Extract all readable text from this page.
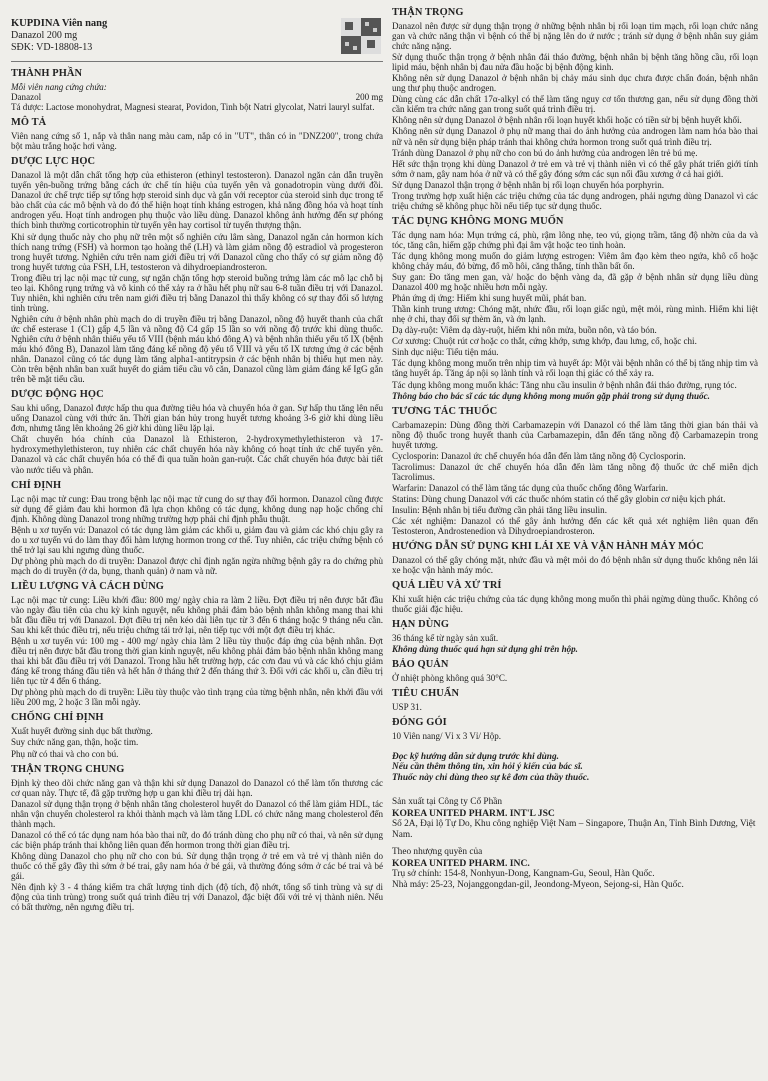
KUPDINA Viên nang
Danazol 200 mg
SĐK: VD-18808-13
THÀNH PHẦN

Mỗi viên nang cứng chứa:

Danazol	200 mg

Tá dược: Lactose monohydrat, Magnesi stearat, Povidon, Tinh bột Natri glycolat, Natri lauryl sulfat.

MÔ TẢ

Viên nang cứng số 1, nắp và thân nang màu cam, nắp có in "UT", thân có in "DNZ200", trong chứa bột màu trắng hoặc hơi vàng.

DƯỢC LỰC HỌC

Danazol là một dẫn chất tổng hợp của ethisteron (ethinyl testosteron). Danazol ngăn cản dẫn truyền tuyến yên-buồng trứng bằng cách ức chế tín hiệu của tuyến yên và gonadotropin vùng dưới đồi. Danazol ức chế trực tiếp sự tổng hợp steroid sinh dục và gắn với receptor của steroid sinh dục trong tế bào chất của các mô bệnh và do đó thể hiện hoạt tính kháng estrogen, khả năng đồng hóa và hoạt tính androgen yếu. Hoạt tính androgen phụ thuộc vào liều dùng. Danazol không ảnh hưởng đến sự phóng thích bình thường corticotrophin từ tuyến yên hay cortisol từ tuyến thượng thận.

Khi sử dụng thuốc này cho phụ nữ trên một số nghiên cứu lâm sàng, Danazol ngăn cản hormon kích thích nang trứng (FSH) và hormon tạo hoàng thể (LH) và làm giảm nồng độ estradiol và progesteron trong huyết tương. Nghiên cứu trên nam giới điều trị với Danazol cũng cho thấy có sự giảm nồng độ trong huyết tương của FSH, LH, testosteron và dihydroepiandrosteron.

Trong điều trị lạc nội mạc tử cung, sự ngăn chặn tổng hợp steroid buồng trứng làm các mô lạc chỗ bị teo lại. Không rụng trứng và vô kinh có thể xảy ra ở hầu hết phụ nữ sau 6-8 tuần điều trị với Danazol. Tuy nhiên, khi nghiên cứu trên nam giới điều trị bằng Danazol thì thấy không có sự thay đổi số lượng tinh trùng.

Nghiên cứu ở bệnh nhân phù mạch do di truyền điều trị bằng Danazol, nồng độ huyết thanh của chất ức chế esterase 1 (C1) gấp 4,5 lần và nồng độ C4 gấp 15 lần so với nồng độ trước khi dùng thuốc. Nghiên cứu ở bệnh nhân thiếu yếu tố VIII (bệnh máu khó đông A) và bệnh nhân thiếu yếu tố IX (bệnh máu khó đông B), Danazol làm tăng đáng kể nồng độ yếu tố VIII và yếu tố IX tương ứng ở các bệnh nhân. Danazol cũng có tác dụng làm tăng alpha1-antitrypsin ở các bệnh nhân bị thiếu hụt men này. Còn trên bệnh nhân ban xuất huyết do giảm tiểu cầu vô căn, Danazol cũng làm giảm đáng kể IgG gắn trên bề mặt tiểu cầu.

DƯỢC ĐỘNG HỌC

Sau khi uống, Danazol được hấp thu qua đường tiêu hóa và chuyển hóa ở gan. Sự hấp thu tăng lên nếu uống Danazol cùng với thức ăn. Thời gian bán hủy trong huyết tương khoảng 3-6 giờ khi dùng liều đơn, nhưng tăng lên khoảng 26 giờ khi dùng liều lặp lại.

Chất chuyển hóa chính của Danazol là Ethisteron, 2-hydroxymethylethisteron và 17-hydroxymethylethisteron, tuy nhiên các chất chuyển hóa này không có hoạt tính ức chế tuyến yên. Danazol và các chất chuyển hóa có thể đi qua tuần hoàn gan-ruột. Các chất chuyển hóa được bài tiết vào nước tiểu và phân.

CHỈ ĐỊNH

Lạc nội mạc tử cung: Đau trong bệnh lạc nội mạc tử cung do sự thay đổi hormon. Danazol cũng được sử dụng để giảm đau khi hormon đã lựa chọn không có tác dụng, không dung nạp hoặc chống chỉ định. Không dùng Danazol trong những trường hợp phải chỉ định phẫu thuật.

Bệnh u xơ tuyến vú: Danazol có tác dụng làm giảm các khối u, giảm đau và giảm các khó chịu gây ra do u xơ tuyến vú do làm thay đổi hàm lượng hormon trong cơ thể. Tuy nhiên, các triệu chứng bệnh có thể trở lại sau khi ngưng dùng thuốc.

Dự phòng phù mạch do di truyền: Danazol được chỉ định ngăn ngừa những bệnh gây ra do chứng phù mạch do di truyền (ở da, bụng, thanh quản) ở nam và nữ.

LIỀU LƯỢNG VÀ CÁCH DÙNG

Lạc nội mạc tử cung: Liều khởi đầu: 800 mg/ ngày chia ra làm 2 liều. Đợt điều trị nên được bắt đầu vào ngày đầu tiên của chu kỳ kinh nguyệt, nếu không phải đảm bảo bệnh nhân không mang thai khi bắt đầu điều trị với Danazol. Đợt điều trị nên kéo dài liên tục từ 3 đến 6 tháng hoặc 9 tháng nếu cần. Sau khi kết thúc điều trị, nếu triệu chứng tái trở lại, nên tiếp tục với một đợt điều trị khác.

Bệnh u xơ tuyến vú: 100 mg - 400 mg/ ngày chia làm 2 liều tùy thuộc đáp ứng của bệnh nhân. Đợt điều trị nên được bắt đầu trong thời gian kinh nguyệt, nếu không phải đảm bảo bệnh nhân không mang thai khi bắt đầu điều trị với Danazol. Trong hầu hết trường hợp, các cơn đau vú và các khó chịu giảm đáng kể trong tháng đầu tiên và hết hẳn ở tháng thứ 2 đến tháng thứ 3. Đối với các khối u, cần điều trị liên tục từ 4 đến 6 tháng.

Dự phòng phù mạch do di truyền: Liều tùy thuộc vào tình trạng của từng bệnh nhân, nên khởi đầu với liều 200 mg, 2 hoặc 3 lần mỗi ngày.

CHỐNG CHỈ ĐỊNH

Xuất huyết đường sinh dục bất thường.

Suy chức năng gan, thận, hoặc tim.

Phụ nữ có thai và cho con bú.

THẬN TRỌNG CHUNG

Định kỳ theo dõi chức năng gan và thận khi sử dụng Danazol do Danazol có thể làm tổn thương các cơ quan này. Thực tế, đã gặp trường hợp u gan khi điều trị dài hạn.

Danazol sử dụng thận trọng ở bệnh nhân tăng cholesterol huyết do Danazol có thể làm giảm HDL, tác nhân vận chuyển cholesterol ra khỏi thành mạch và làm tăng LDL có chức năng mang cholesterol đến thành mạch.

Danazol có thể có tác dụng nam hóa bào thai nữ, do đó tránh dùng cho phụ nữ có thai, và nên sử dụng các biện pháp tránh thai không liên quan đến hormon trong thời gian điều trị.

Không dùng Danazol cho phụ nữ cho con bú. Sử dụng thận trọng ở trẻ em và trẻ vị thành niên do thuốc có thể gây đầy thì sớm ở bé trai, gây nam hóa ở bé gái, và thường đóng sớm ở các bé trai và bé gái.

Nên định kỳ 3 - 4 tháng kiểm tra chất lượng tinh dịch (độ tích, độ nhớt, tổng số tinh trùng và sự di động của tinh trùng) trong suốt quá trình điều trị với Danazol, đặc biệt đối với trẻ vị thành niên. Nếu có bất thường, nên ngưng điều trị.

THẬN TRỌNG

Danazol nên được sử dụng thận trọng ở những bệnh nhân bị rối loạn tim mạch, rối loạn chức năng gan và chức năng thận vì bệnh có thể bị nặng lên do ứ nước ; tránh sử dụng ở bệnh nhân suy giảm chức năng nặng.

Sử dụng thuốc thận trọng ở bệnh nhân đái tháo đường, bệnh nhân bị bệnh tăng hồng cầu, rối loạn lipid máu, bệnh nhân bị đau nửa đầu hoặc bị bệnh động kinh.

Không nên sử dụng Danazol ở bệnh nhân bị chảy máu sinh dục chưa được chẩn đoán, bệnh nhân ung thư phụ thuộc androgen.

Dùng cùng các dẫn chất 17α-alkyl có thể làm tăng nguy cơ tổn thương gan, nếu sử dụng đồng thời cần kiểm tra chức năng gan trong suốt quá trình điều trị.

Không nên sử dụng Danazol ở bệnh nhân rối loạn huyết khối hoặc có tiền sử bị bệnh huyết khối.

Không nên sử dụng Danazol ở phụ nữ mang thai do ảnh hưởng của androgen làm nam hóa bào thai nữ và nên sử dụng biện pháp tránh thai không chứa hormon trong suốt quá trình điều trị.

Tránh dùng Danazol ở phụ nữ cho con bú do ảnh hưởng của androgen lên trẻ bú mẹ.

Hết sức thận trọng khi dùng Danazol ở trẻ em và trẻ vị thành niên vì có thể gây phát triển giới tính sớm ở nam, gây nam hóa ở nữ và có thể gây đóng sớm các sụn nối đầu xương ở cả hai giới.

Sử dụng Danazol thận trọng ở bệnh nhân bị rối loạn chuyển hóa porphyrin.

Trong trường hợp xuất hiện các triệu chứng của tác dụng androgen, phải ngưng dùng Danazol vì các triệu chứng sẽ không phục hồi nếu tiếp tục sử dụng thuốc.

TÁC DỤNG KHÔNG MONG MUỐN

Tác dụng nam hóa: Mụn trứng cá, phù, rậm lông nhẹ, teo vú, giọng trầm, tăng độ nhờn của da và tóc, tăng cân, hiếm gặp chứng phì đại âm vật hoặc teo tinh hoàn.

Tác dụng không mong muốn do giảm lượng estrogen: Viêm âm đạo kèm theo ngứa, khô cổ hoặc không chảy máu, đỏ bừng, đổ mồ hôi, căng thẳng, tính thần bất ổn.

Suy gan: Đo tăng men gan, và/ hoặc do bệnh vàng da, đã gặp ở bệnh nhân sử dụng liều dùng Danazol 400 mg hoặc nhiều hơn mỗi ngày.

Phản ứng dị ứng: Hiếm khi sung huyết mũi, phát ban.

Thần kinh trung ương: Chóng mặt, nhức đầu, rối loạn giấc ngủ, mệt mỏi, rùng mình. Hiếm khi liệt nhẹ ở chi, thay đổi sự thèm ăn, và ớn lạnh.

Dạ dày-ruột: Viêm dạ dày-ruột, hiếm khi nôn mửa, buồn nôn, và táo bón.

Cơ xương: Chuột rút cơ hoặc co thắt, cứng khớp, sưng khớp, đau lưng, cổ, hoặc chi.

Sinh dục niệu: Tiểu tiện máu.

Tác dụng không mong muốn trên nhịp tim và huyết áp: Một vài bệnh nhân có thể bị tăng nhịp tim và tăng huyết áp. Tăng áp nội sọ lành tính và rối loạn thị giác có thể xảy ra.

Tác dụng không mong muốn khác: Tăng nhu cầu insulin ở bệnh nhân đái tháo đường, rụng tóc.

Thông báo cho bác sĩ các tác dụng không mong muốn gặp phải trong sử dụng thuốc.

TƯƠNG TÁC THUỐC

Carbamazepin: Dùng đồng thời Carbamazepin với Danazol có thể làm tăng thời gian bán thải và nồng độ thuốc trong huyết thanh của Carbamazepin, dẫn đến tăng nồng độ Carbamazepin trong huyết tương.

Cyclosporin: Danazol ức chế chuyển hóa dẫn đến làm tăng nồng độ Cyclosporin.

Tacrolimus: Danazol ức chế chuyển hóa dẫn đến làm tăng nồng độ thuốc ức chế miễn dịch Tacrolimus.

Warfarin: Danazol có thể làm tăng tác dụng của thuốc chống đông Warfarin.

Statins: Dùng chung Danazol với các thuốc nhóm statin có thể gây globin cơ niệu kịch phát.

Insulin: Bệnh nhân bị tiểu đường cần phải tăng liều insulin.

Các xét nghiệm: Danazol có thể gây ảnh hưởng đến các kết quả xét nghiệm liên quan đến Testosteron, Androstenedion và Dihydroepiandrosteron.

HƯỚNG DẪN SỬ DỤNG KHI LÁI XE VÀ VẬN HÀNH MÁY MÓC

Danazol có thể gây chóng mặt, nhức đầu và mệt mỏi do đó bệnh nhân sử dụng thuốc không nên lái xe hoặc vận hành máy móc.

QUÁ LIỀU VÀ XỬ TRÍ

Khi xuất hiện các triệu chứng của tác dụng không mong muốn thì phải ngừng dùng thuốc. Không có thuốc giải đặc hiệu.

HẠN DÙNG

36 tháng kể từ ngày sản xuất.

Không dùng thuốc quá hạn sử dụng ghi trên hộp.

BẢO QUẢN

Ở nhiệt phòng không quá 30°C.

TIÊU CHUẨN

USP 31.

ĐÓNG GÓI

10 Viên nang/ Vỉ x 3 Vỉ/ Hộp.

Đọc kỹ hướng dẫn sử dụng trước khi dùng.
Nếu cần thêm thông tin, xin hỏi ý kiến của bác sĩ.
Thuốc này chỉ dùng theo sự kê đơn của thầy thuốc.
Sản xuất tại Công ty Cổ Phần
KOREA UNITED PHARM. INT'L JSC
Số 2A, Đại lộ Tự Do, Khu công nghiệp Việt Nam – Singapore, Thuận An, Tỉnh Bình Dương, Việt Nam.
Theo nhượng quyền của
KOREA UNITED PHARM. INC.
Trụ sở chính: 154-8, Nonhyun-Dong, Kangnam-Gu, Seoul, Hàn Quốc.
Nhà máy: 25-23, Nojanggongdan-gil, Jeondong-Myeon, Sejong-si, Hàn Quốc.
